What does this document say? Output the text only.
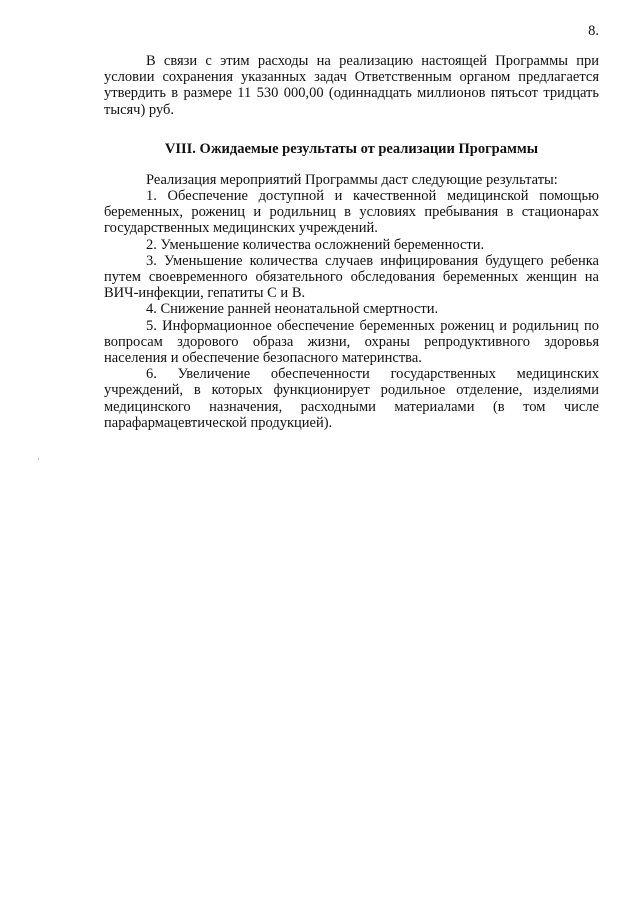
8.

В связи с этим расходы на реализацию настоящей Программы при условии сохранения указанных задач Ответственным органом предлагается утвердить в размере 11 530 000,00 (одиннадцать миллионов пятьсот тридцать тысяч) руб.

VIII. Ожидаемые результаты от реализации Программы

Реализация мероприятий Программы даст следующие результаты:

1. Обеспечение доступной и качественной медицинской помощью беременных, рожениц и родильниц в условиях пребывания в стационарах государственных медицинских учреждений.

2. Уменьшение количества осложнений беременности.

3. Уменьшение количества случаев инфицирования будущего ребенка путем своевременного обязательного обследования беременных женщин на ВИЧ-инфекции, гепатиты С и В.

4. Снижение ранней неонатальной смертности.

5. Информационное обеспечение беременных рожениц и родильниц по вопросам здорового образа жизни, охраны репродуктивного здоровья населения и обеспечение безопасного материнства.

6. Увеличение обеспеченности государственных медицинских учреждений, в которых функционирует родильное отделение, изделиями медицинского назначения, расходными материалами (в том числе парафармацевтической продукцией).
